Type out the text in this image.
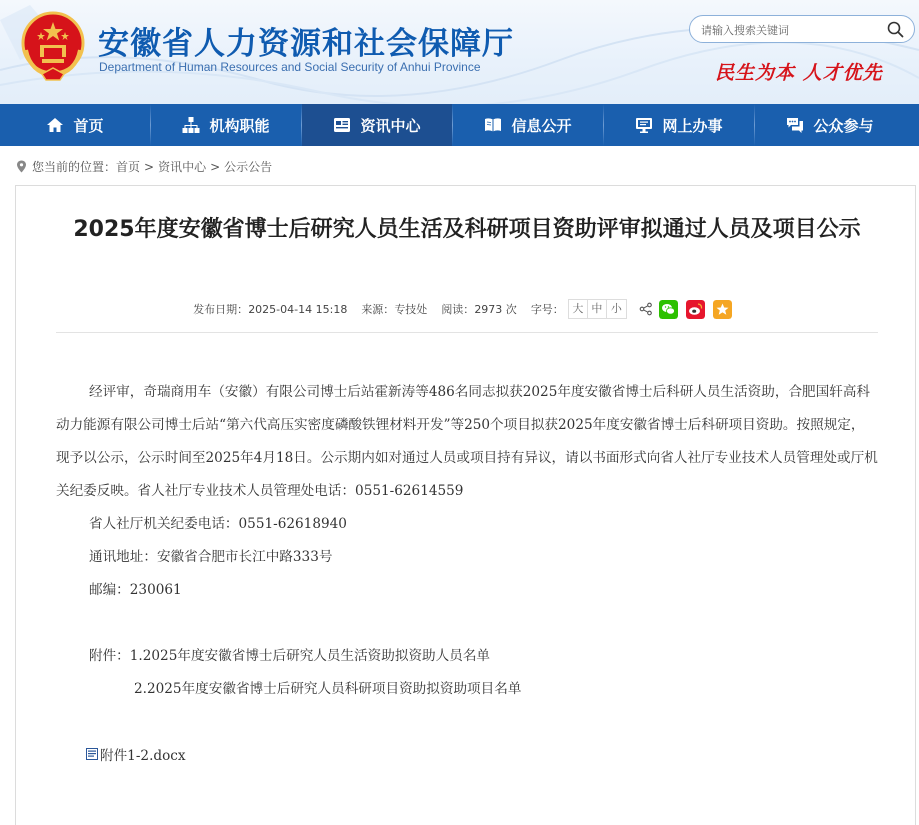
安徽省人力资源和社会保障厅
Department of Human Resources and Social Security of Anhui Province
请输入搜索关键词	民生为本 人才优先
首页	机构职能	资讯中心	信息公开	网上办事	公众参与
您当前的位置： 首页 > 资讯中心 > 公示公告
2025年度安徽省博士后研究人员生活及科研项目资助评审拟通过人员及项目公示
发布日期：2025-04-14 15:18 来源：专技处 阅读：2973 次 字号： 大 中 小

经评审，奇瑞商用车（安徽）有限公司博士后站霍新涛等486名同志拟获2025年度安徽省博士后科研人员生活资助，合肥国轩高科动力能源有限公司博士后站“第六代高压实密度磷酸铁锂材料开发”等250个项目拟获2025年度安徽省博士后科研项目资助。按照规定，现予以公示，公示时间至2025年4月18日。公示期内如对通过人员或项目持有异议，请以书面形式向省人社厅专业技术人员管理处或厅机关纪委反映。省人社厅专业技术人员管理处电话：0551-62614559

省人社厅机关纪委电话：0551-62618940

通讯地址：安徽省合肥市长江中路333号

邮编：230061

附件：1.2025年度安徽省博士后研究人员生活资助拟资助人员名单

2.2025年度安徽省博士后研究人员科研项目资助拟资助项目名单

附件1-2.docx
